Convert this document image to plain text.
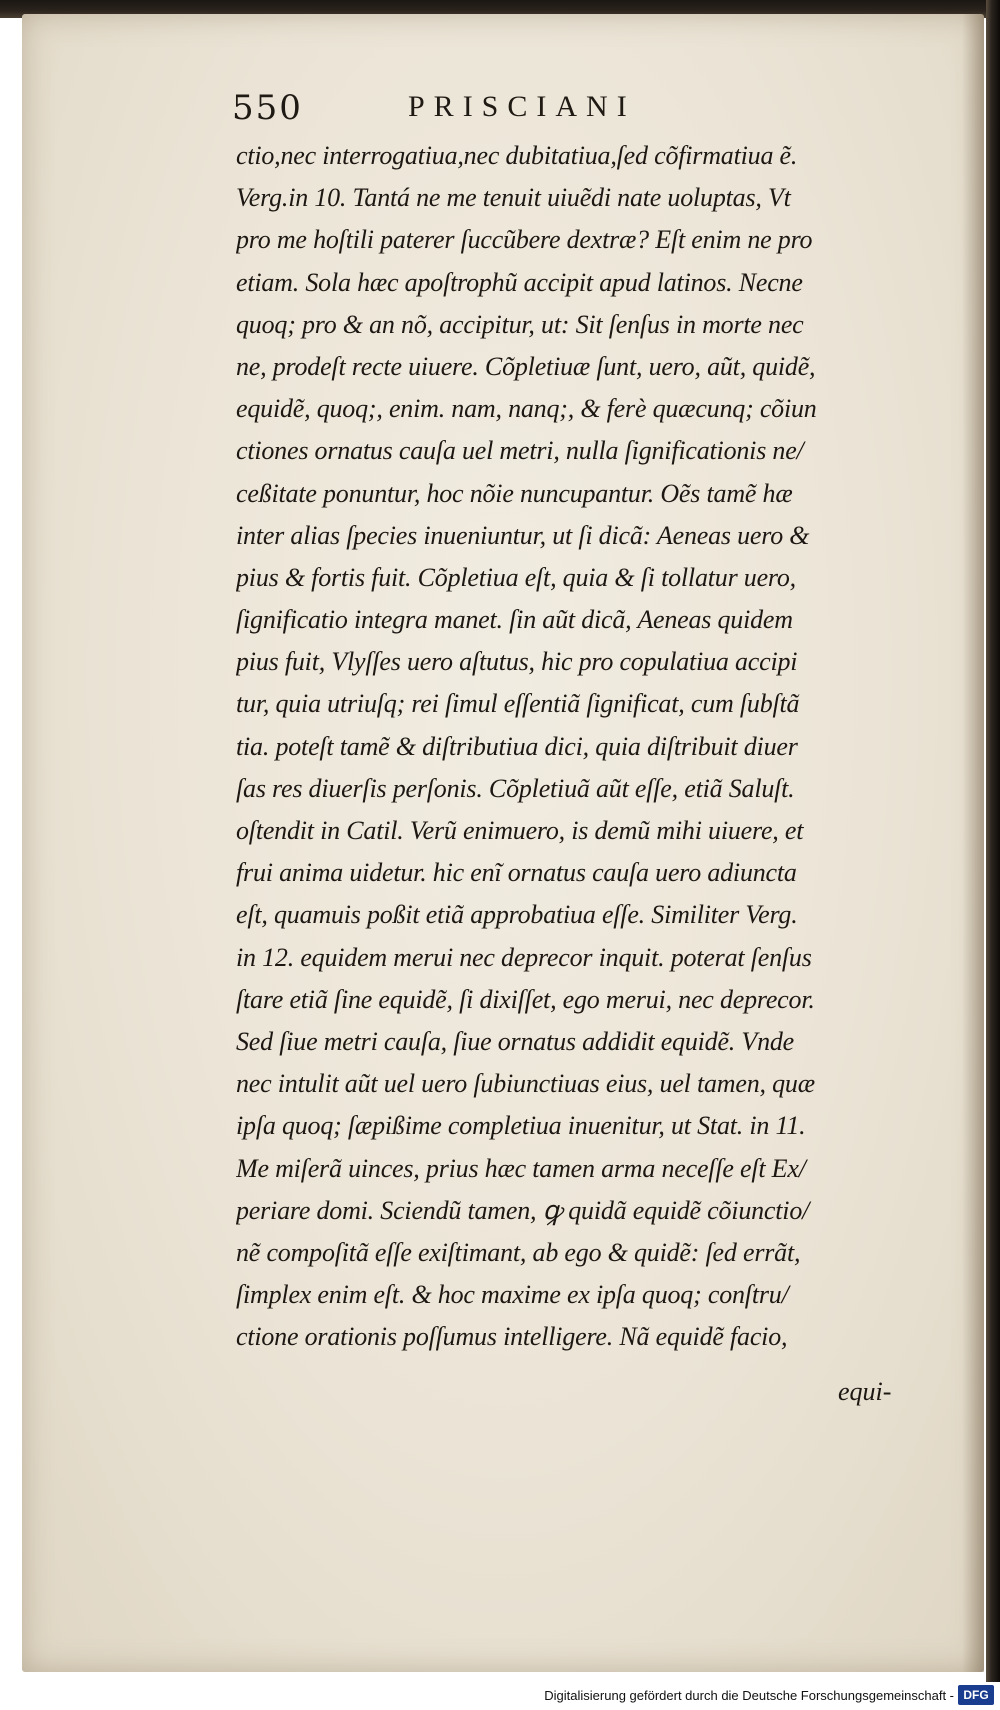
550	PRISCIANI
ctio,nec interrogatiua,nec dubitatiua,ſed cõfirmatiua ẽ.
Verg.in 10. Tantá ne me tenuit uiuẽdi nate uoluptas, Vt
pro me hoſtili paterer ſuccũbere dextræ? Eſt enim ne pro
etiam. Sola hæc apoſtrophũ accipit apud latinos. Necne
quoq; pro & an nõ, accipitur, ut: Sit ſenſus in morte nec
ne, prodeſt recte uiuere. Cõpletiuæ ſunt, uero, aũt, quidẽ,
equidẽ, quoq;, enim. nam, nanq;, & ferè quæcunq; cõiun
ctiones ornatus cauſa uel metri, nulla ſignificationis ne/
ceßitate ponuntur, hoc nõie nuncupantur. Oẽs tamẽ hæ
inter alias ſpecies inueniuntur, ut ſi dicã: Aeneas uero &
pius & fortis fuit. Cõpletiua eſt, quia & ſi tollatur uero,
ſignificatio integra manet. ſin aũt dicã, Aeneas quidem
pius fuit, Vlyſſes uero aſtutus, hic pro copulatiua accipi
tur, quia utriuſq; rei ſimul eſſentiã ſignificat, cum ſubſtã
tia. poteſt tamẽ & diſtributiua dici, quia diſtribuit diuer
ſas res diuerſis perſonis. Cõpletiuã aũt eſſe, etiã Saluſt.
oſtendit in Catil. Verũ enimuero, is demũ mihi uiuere, et
frui anima uidetur. hic enĩ ornatus cauſa uero adiuncta
eſt, quamuis poßit etiã approbatiua eſſe. Similiter Verg.
in 12. equidem merui nec deprecor inquit. poterat ſenſus
ſtare etiã ſine equidẽ, ſi dixiſſet, ego merui, nec deprecor.
Sed ſiue metri cauſa, ſiue ornatus addidit equidẽ. Vnde
nec intulit aũt uel uero ſubiunctiuas eius, uel tamen, quæ
ipſa quoq; ſæpißime completiua inuenitur, ut Stat. in 11.
Me miſerã uinces, prius hæc tamen arma neceſſe eſt Ex/
periare domi. Sciendũ tamen, ꝙ quidã equidẽ cõiunctio/
nẽ compoſitã eſſe exiſtimant, ab ego & quidẽ: ſed errãt,
ſimplex enim eſt. & hoc maxime ex ipſa quoq; conſtru/
ctione orationis poſſumus intelligere. Nã equidẽ facio,
equi-
Digitalisierung gefördert durch die Deutsche Forschungsgemeinschaft - DFG
